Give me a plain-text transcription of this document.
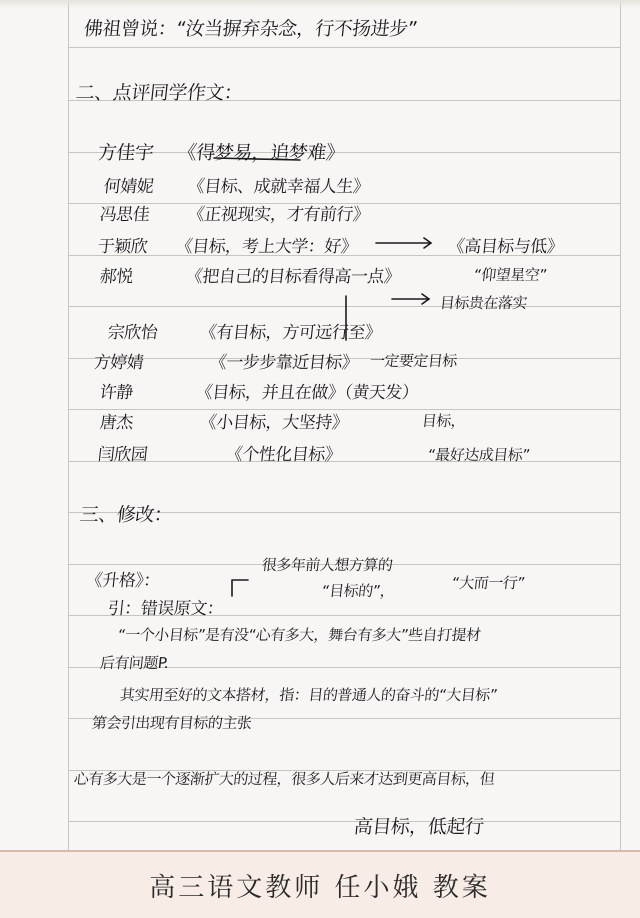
佛祖曾说：“汝当摒弃杂念，行不扬进步”
二、点评同学作文：
方佳宇 《得梦易，追梦难》
何婧妮 《目标、成就幸福人生》
冯思佳 《正视现实，才有前行》
于颖欣 《目标，考上大学：好》	《高目标与低》
郝悦	《把自己的目标看得高一点》	“仰望星空”
目标贵在落实
宗欣怡 《有目标，方可远行至》
方婷婧	《一步步靠近目标》 一定要定目标
许静	《目标，并且在做》（黄天发）
唐杰	《小目标，大坚持》	目标，
闫欣园	《个性化目标》	“最好达成目标”
三、修改：
《升格》：
很多年前人想方算的
“目标的”，	“大而一行”
引：错误原文：
“一个小目标”是有没“心有多大，舞台有多大”些自打提材
后有问题P.
其实用至好的文本搭材，指：目的普通人的奋斗的“大目标”
第会引出现有目标的主张
心有多大是一个逐渐扩大的过程，很多人后来才达到更高目标，但
高目标，低起行
高三语文教师 任小娥 教案
